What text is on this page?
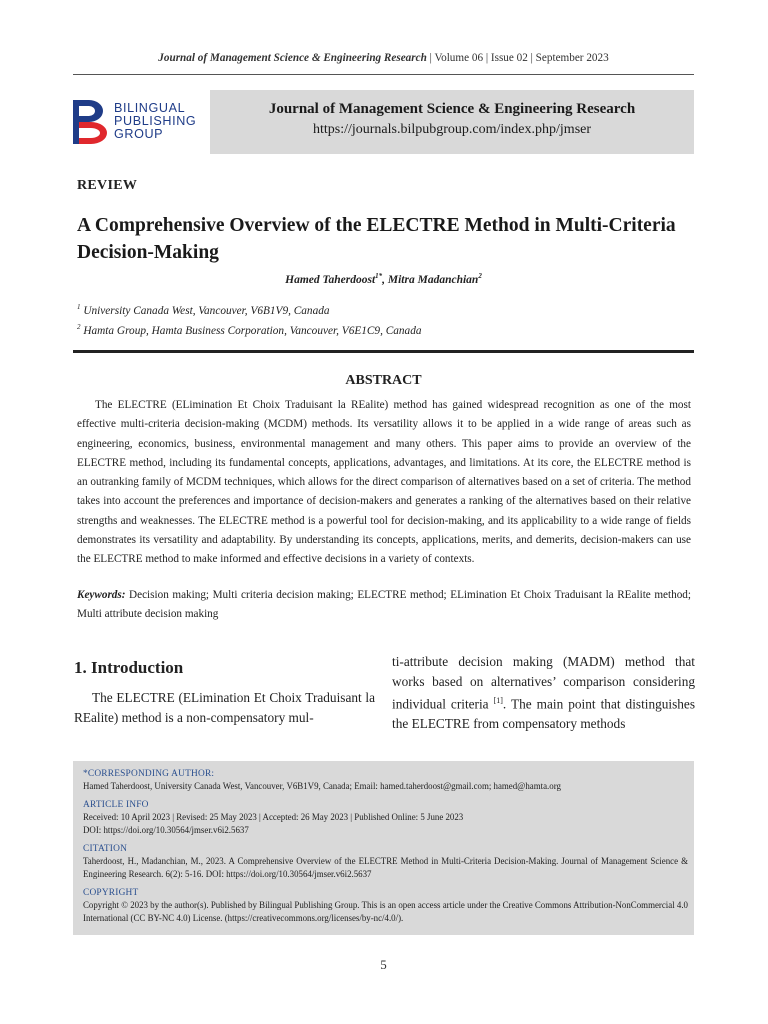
Journal of Management Science & Engineering Research | Volume 06 | Issue 02 | September 2023
BILINGUAL
PUBLISHING
GROUP
Journal of Management Science & Engineering Research
https://journals.bilpubgroup.com/index.php/jmser
REVIEW
A Comprehensive Overview of the ELECTRE Method in Multi-Criteria Decision-Making
Hamed Taherdoost$^{1*}$, Mitra Madanchian$^2$
$^1$ University Canada West, Vancouver, V6B1V9, Canada
$^2$ Hamta Group, Hamta Business Corporation, Vancouver, V6E1C9, Canada
ABSTRACT

The ELECTRE (ELimination Et Choix Traduisant la REalite) method has gained widespread recognition as one of the most effective multi-criteria decision-making (MCDM) methods. Its versatility allows it to be applied in a wide range of areas such as engineering, economics, business, environmental management and many others. This paper aims to provide an overview of the ELECTRE method, including its fundamental concepts, applications, advantages, and limitations. At its core, the ELECTRE method is an outranking family of MCDM techniques, which allows for the direct comparison of alternatives based on a set of criteria. The method takes into account the preferences and importance of decision-makers and generates a ranking of the alternatives based on their relative strengths and weaknesses. The ELECTRE method is a powerful tool for decision-making, and its applicability to a wide range of fields demonstrates its versatility and adaptability. By understanding its concepts, applications, merits, and demerits, decision-makers can use the ELECTRE method to make informed and effective decisions in a variety of contexts.

Keywords: Decision making; Multi criteria decision making; ELECTRE method; ELimination Et Choix Traduisant la REalite method; Multi attribute decision making
1. Introduction
The ELECTRE (ELimination Et Choix Traduisant la REalite) method is a non-compensatory mul-
ti-attribute decision making (MADM) method that works based on alternatives’ comparison considering individual criteria [1]. The main point that distinguishes the ELECTRE from compensatory methods
*CORRESPONDING AUTHOR:
Hamed Taherdoost, University Canada West, Vancouver, V6B1V9, Canada; Email: hamed.taherdoost@gmail.com; hamed@hamta.org
ARTICLE INFO
Received: 10 April 2023 | Revised: 25 May 2023 | Accepted: 26 May 2023 | Published Online: 5 June 2023
DOI: https://doi.org/10.30564/jmser.v6i2.5637
CITATION
Taherdoost, H., Madanchian, M., 2023. A Comprehensive Overview of the ELECTRE Method in Multi-Criteria Decision-Making. Journal of Management Science & Engineering Research. 6(2): 5-16. DOI: https://doi.org/10.30564/jmser.v6i2.5637
COPYRIGHT
Copyright © 2023 by the author(s). Published by Bilingual Publishing Group. This is an open access article under the Creative Commons Attribution-NonCommercial 4.0 International (CC BY-NC 4.0) License. (https://creativecommons.org/licenses/by-nc/4.0/).
5
